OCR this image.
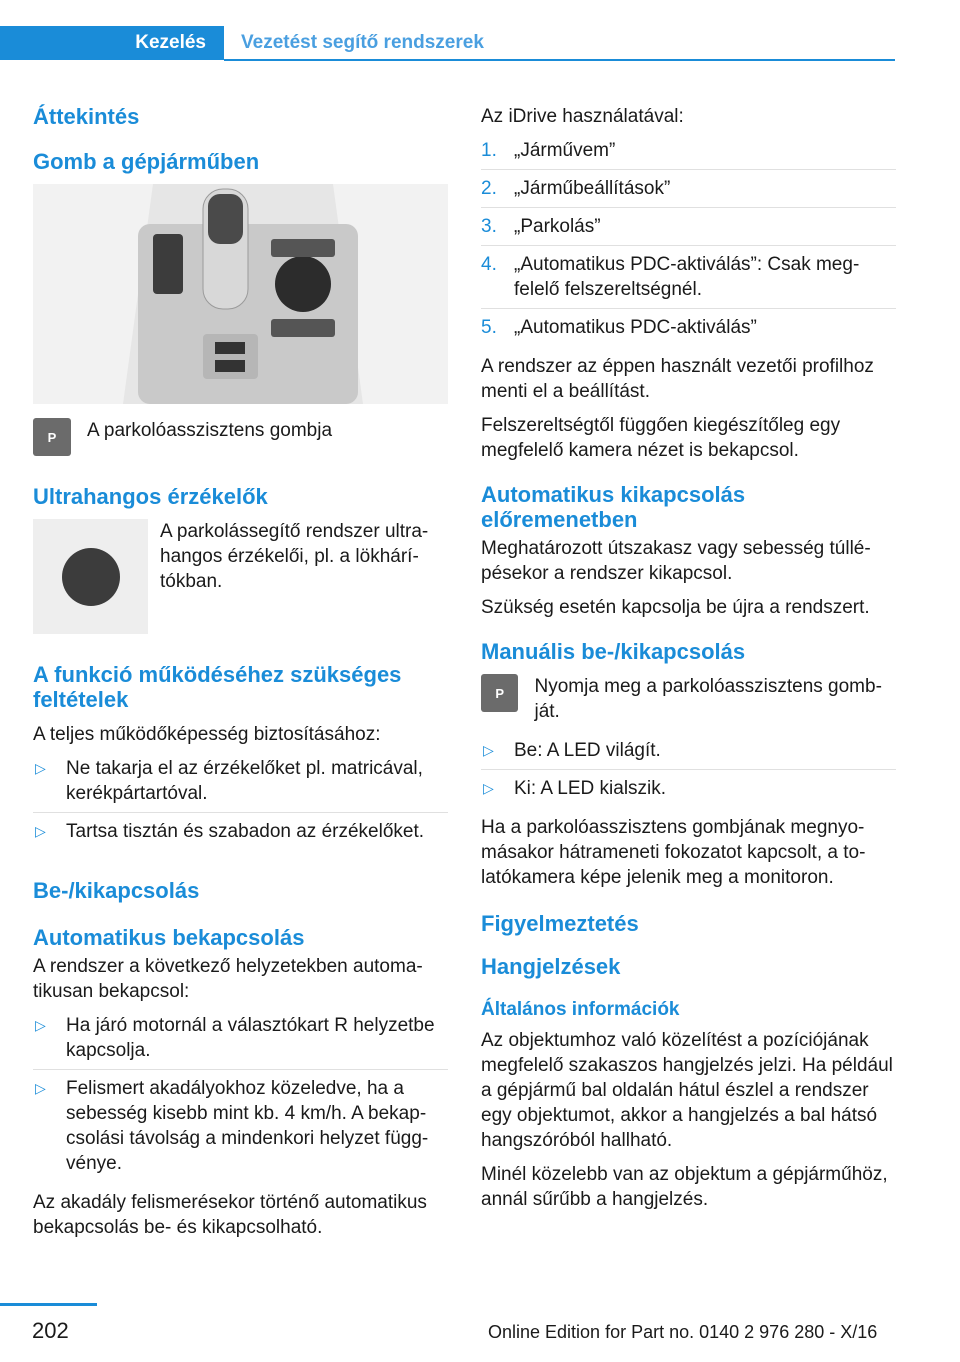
Kezelés	Vezetést segítő rendszerek
Áttekintés
Gomb a gépjárműben
P	A parkolóasszisztens gombja
Ultrahangos érzékelők
A parkolássegítő rendszer ultrahangos érzékelői, pl. a lökhárítókban.
A funkció működéséhez szükséges feltételek

A teljes működőképesség biztosításához:

▷ Ne takarja el az érzékelőket pl. matricával, kerékpártartóval.
▷ Tartsa tisztán és szabadon az érzékelőket.
Be-/kikapcsolás
Automatikus bekapcsolás

A rendszer a következő helyzetekben automatikusan bekapcsol:

▷ Ha járó motornál a választókart R helyzetbe kapcsolja.
▷ Felismert akadályokhoz közeledve, ha a sebesség kisebb mint kb. 4 km/h. A bekapcsolási távolság a mindenkori helyzet függvénye.

Az akadály felismerésekor történő automatikus bekapcsolás be- és kikapcsolható.

Az iDrive használatával:

1. „Járművem”
2. „Járműbeállítások”
3. „Parkolás”
4. „Automatikus PDC-aktiválás”: Csak megfelelő felszereltségnél.
5. „Automatikus PDC-aktiválás”

A rendszer az éppen használt vezetői profilhoz menti el a beállítást.

Felszereltségtől függően kiegészítőleg egy megfelelő kamera nézet is bekapcsol.

Automatikus kikapcsolás előremenetben

Meghatározott útszakasz vagy sebesség túllépésekor a rendszer kikapcsol.

Szükség esetén kapcsolja be újra a rendszert.

Manuális be-/kikapcsolás
P	Nyomja meg a parkolóasszisztens gombját.
▷ Be: A LED világít.
▷ Ki: A LED kialszik.

Ha a parkolóasszisztens gombjának megnyomásakor hátrameneti fokozatot kapcsolt, a tolatókamera képe jelenik meg a monitoron.

Figyelmeztetés
Hangjelzések
Általános információk

Az objektumhoz való közelítést a pozíciójának megfelelő szakaszos hangjelzés jelzi. Ha például a gépjármű bal oldalán hátul észlel a rendszer egy objektumot, akkor a hangjelzés a bal hátsó hangszóróból hallható.

Minél közelebb van az objektum a gépjárműhöz, annál sűrűbb a hangjelzés.

202	Online Edition for Part no. 0140 2 976 280 - X/16
